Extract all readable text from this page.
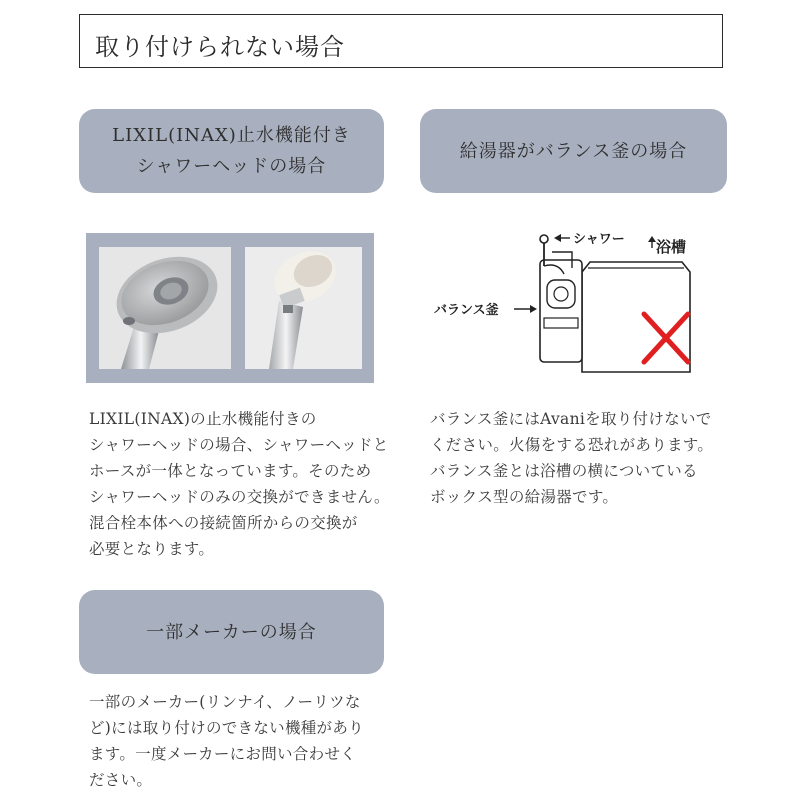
取り付けられない場合
LIXIL(INAX)止水機能付き
シャワーヘッドの場合
給湯器がバランス釜の場合
シャワー 浴槽
バランス釜
LIXIL(INAX)の止水機能付きの
シャワーヘッドの場合、シャワーヘッドと
ホースが一体となっています。そのため
シャワーヘッドのみの交換ができません。
混合栓本体への接続箇所からの交換が
必要となります。
バランス釜にはAvaniを取り付けないで
ください。火傷をする恐れがあります。
バランス釜とは浴槽の横についている
ボックス型の給湯器です。
一部メーカーの場合
一部のメーカー(リンナイ、ノーリツな
ど)には取り付けのできない機種があり
ます。一度メーカーにお問い合わせく
ださい。
